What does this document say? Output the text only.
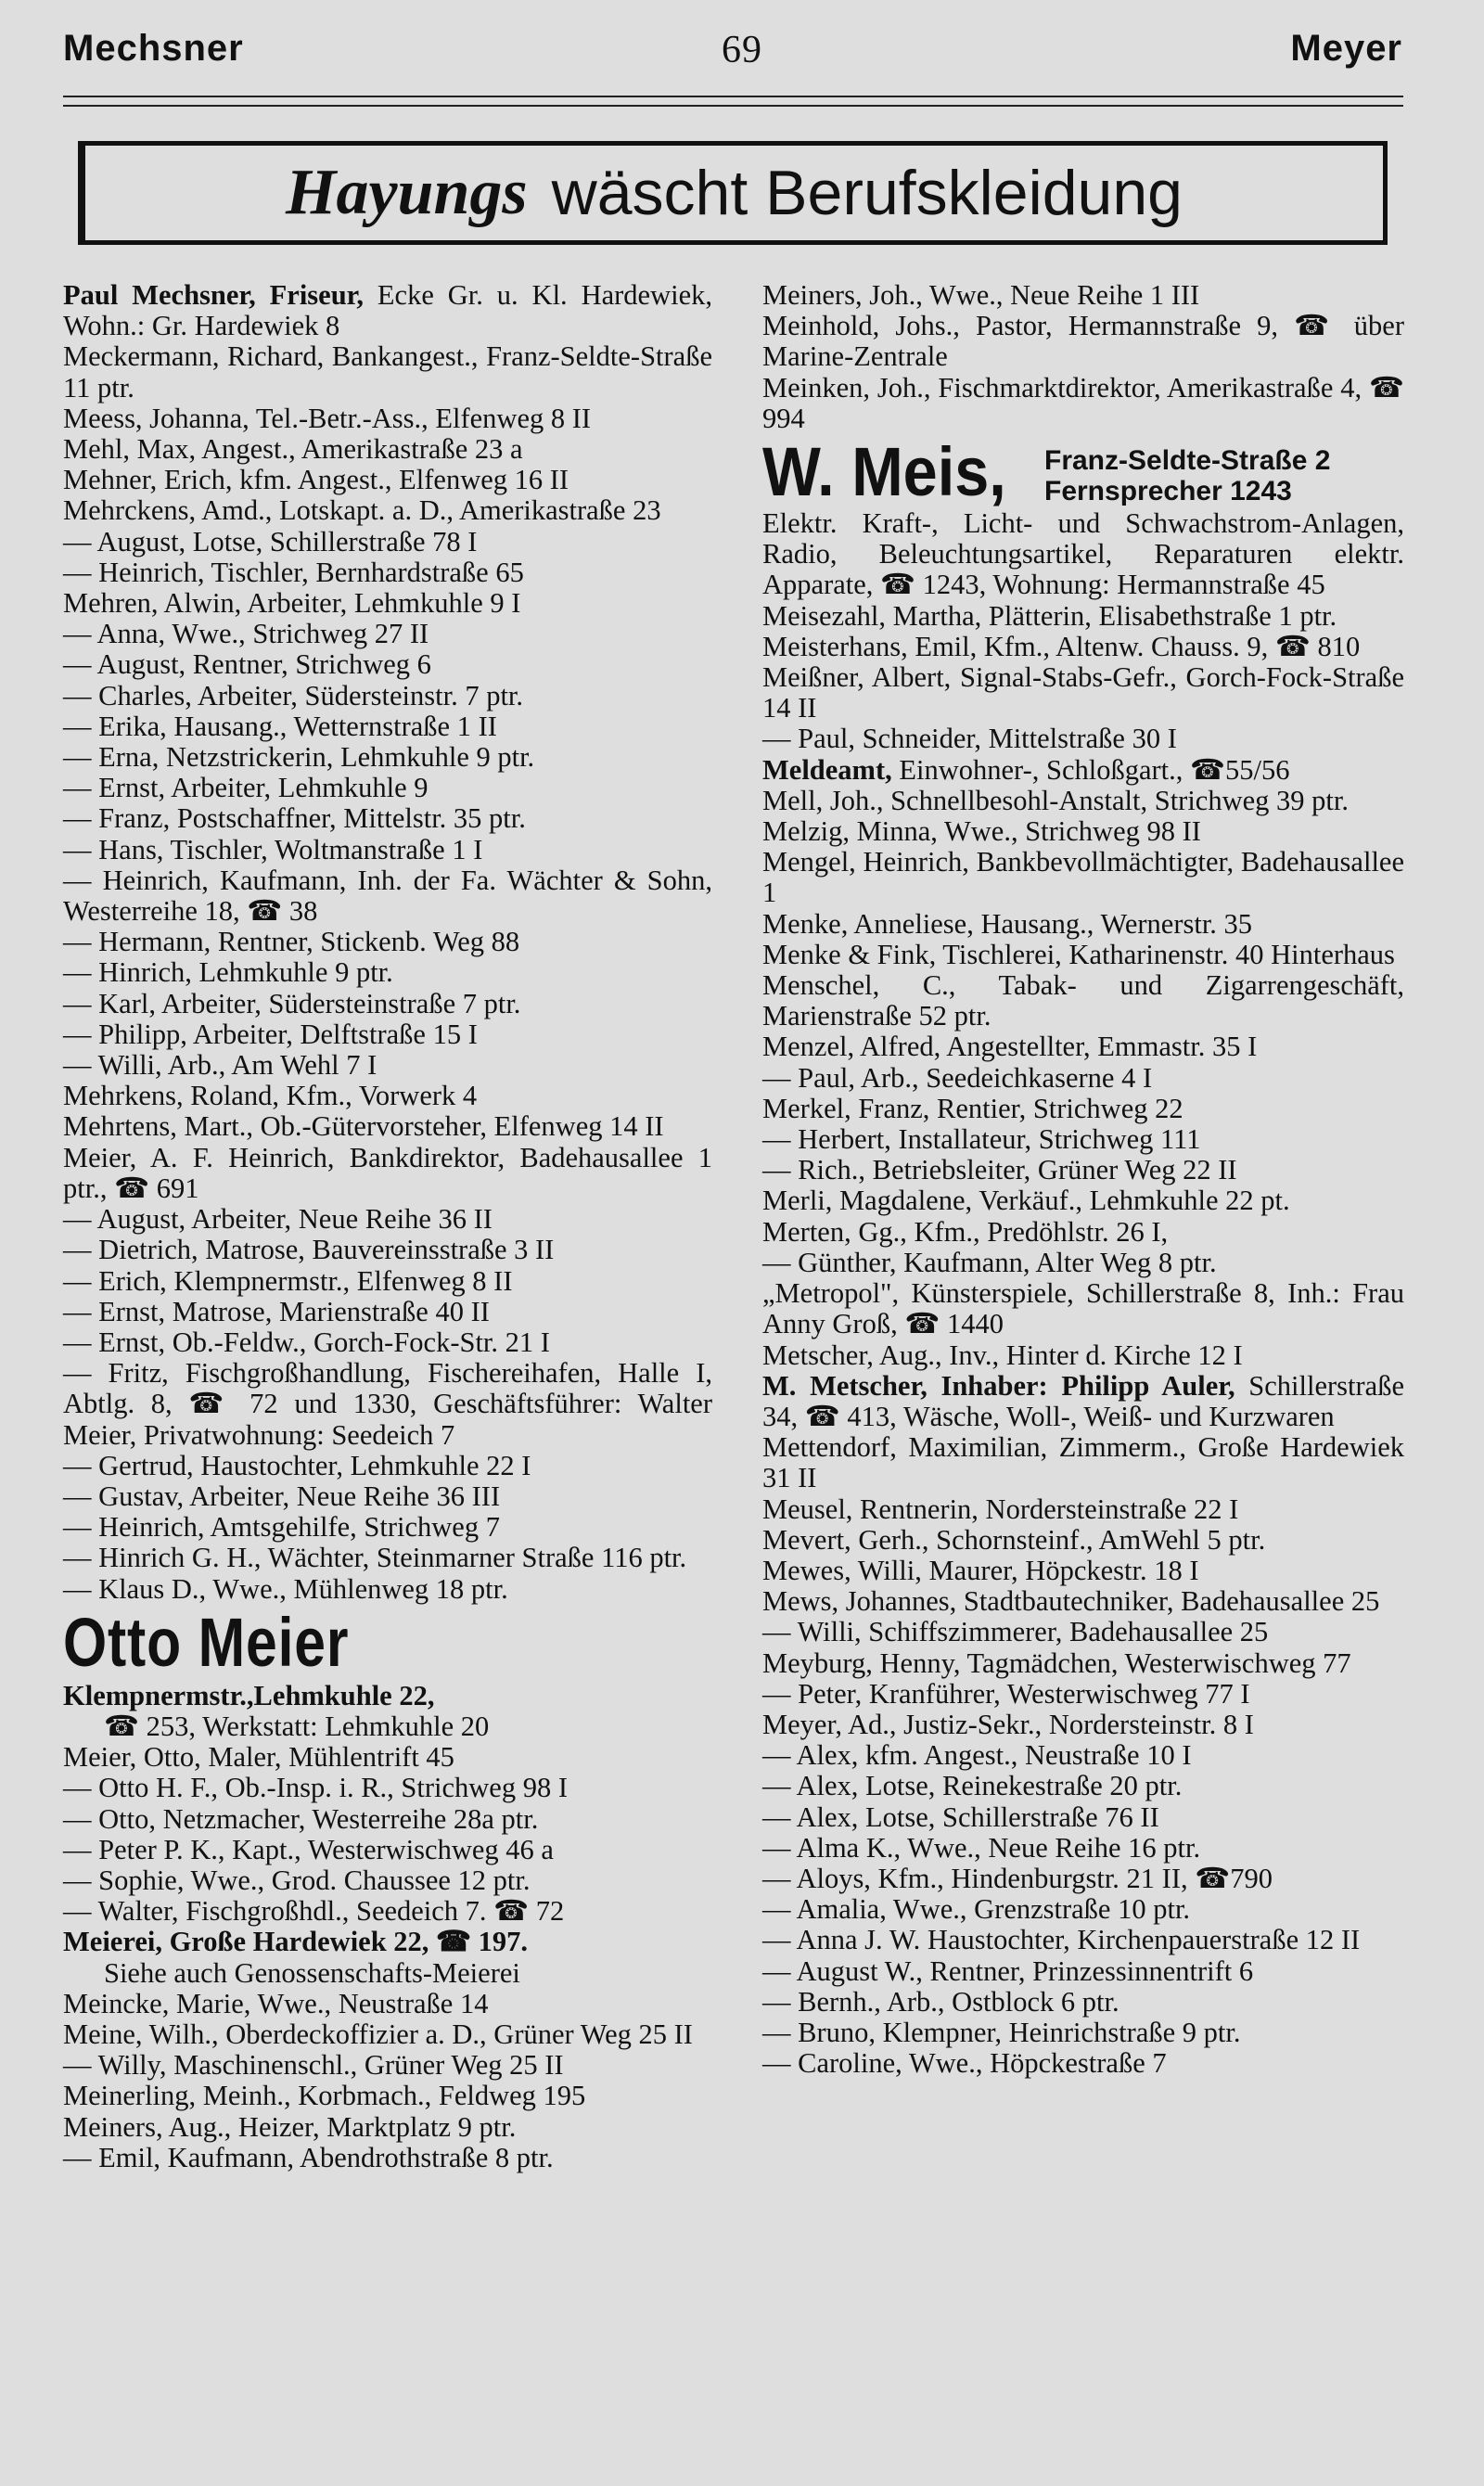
Mechsner	69	Meyer
Hayungs wäscht Berufskleidung
Paul Mechsner, Friseur, Ecke Gr. u. Kl. Hardewiek, Wohn.: Gr. Hardewiek 8
Meckermann, Richard, Bankangest., Franz-Seldte-Straße 11 ptr.
Meess, Johanna, Tel.-Betr.-Ass., Elfenweg 8 II
Mehl, Max, Angest., Amerikastraße 23 a
Mehner, Erich, kfm. Angest., Elfenweg 16 II
Mehrckens, Amd., Lotskapt. a. D., Amerikastraße 23
— August, Lotse, Schillerstraße 78 I
— Heinrich, Tischler, Bernhardstraße 65
Mehren, Alwin, Arbeiter, Lehmkuhle 9 I
— Anna, Wwe., Strichweg 27 II
— August, Rentner, Strichweg 6
— Charles, Arbeiter, Südersteinstr. 7 ptr.
— Erika, Hausang., Wetternstraße 1 II
— Erna, Netzstrickerin, Lehmkuhle 9 ptr.
— Ernst, Arbeiter, Lehmkuhle 9
— Franz, Postschaffner, Mittelstr. 35 ptr.
— Hans, Tischler, Woltmanstraße 1 I
— Heinrich, Kaufmann, Inh. der Fa. Wächter & Sohn, Westerreihe 18, ☎ 38
— Hermann, Rentner, Stickenb. Weg 88
— Hinrich, Lehmkuhle 9 ptr.
— Karl, Arbeiter, Südersteinstraße 7 ptr.
— Philipp, Arbeiter, Delftstraße 15 I
— Willi, Arb., Am Wehl 7 I
Mehrkens, Roland, Kfm., Vorwerk 4
Mehrtens, Mart., Ob.-Gütervorsteher, Elfenweg 14 II
Meier, A. F. Heinrich, Bankdirektor, Badehausallee 1 ptr., ☎ 691
— August, Arbeiter, Neue Reihe 36 II
— Dietrich, Matrose, Bauvereinsstraße 3 II
— Erich, Klempnermstr., Elfenweg 8 II
— Ernst, Matrose, Marienstraße 40 II
— Ernst, Ob.-Feldw., Gorch-Fock-Str. 21 I
— Fritz, Fischgroßhandlung, Fischereihafen, Halle I, Abtlg. 8, ☎ 72 und 1330, Geschäftsführer: Walter Meier, Privatwohnung: Seedeich 7
— Gertrud, Haustochter, Lehmkuhle 22 I
— Gustav, Arbeiter, Neue Reihe 36 III
— Heinrich, Amtsgehilfe, Strichweg 7
— Hinrich G. H., Wächter, Steinmarner Straße 116 ptr.
— Klaus D., Wwe., Mühlenweg 18 ptr.
Otto Meier
Klempnermstr.,Lehmkuhle 22,
☎ 253, Werkstatt: Lehmkuhle 20
Meier, Otto, Maler, Mühlentrift 45
— Otto H. F., Ob.-Insp. i. R., Strichweg 98 I
— Otto, Netzmacher, Westerreihe 28a ptr.
— Peter P. K., Kapt., Westerwischweg 46 a
— Sophie, Wwe., Grod. Chaussee 12 ptr.
— Walter, Fischgroßhdl., Seedeich 7. ☎ 72
Meierei, Große Hardewiek 22, ☎ 197.
Siehe auch Genossenschafts-Meierei
Meincke, Marie, Wwe., Neustraße 14
Meine, Wilh., Oberdeckoffizier a. D., Grüner Weg 25 II
— Willy, Maschinenschl., Grüner Weg 25 II
Meinerling, Meinh., Korbmach., Feldweg 195
Meiners, Aug., Heizer, Marktplatz 9 ptr.
— Emil, Kaufmann, Abendrothstraße 8 ptr.
Meiners, Joh., Wwe., Neue Reihe 1 III
Meinhold, Johs., Pastor, Hermannstraße 9, ☎ über Marine-Zentrale
Meinken, Joh., Fischmarktdirektor, Amerikastraße 4, ☎ 994
W. Meis, Franz-Seldte-Straße 2
Fernsprecher 1243
Elektr. Kraft-, Licht- und Schwachstrom-Anlagen, Radio, Beleuchtungsartikel, Reparaturen elektr. Apparate, ☎ 1243, Wohnung: Hermannstraße 45
Meisezahl, Martha, Plätterin, Elisabethstraße 1 ptr.
Meisterhans, Emil, Kfm., Altenw. Chauss. 9, ☎ 810
Meißner, Albert, Signal-Stabs-Gefr., Gorch-Fock-Straße 14 II
— Paul, Schneider, Mittelstraße 30 I
Meldeamt, Einwohner-, Schloßgart., ☎55/56
Mell, Joh., Schnellbesohl-Anstalt, Strichweg 39 ptr.
Melzig, Minna, Wwe., Strichweg 98 II
Mengel, Heinrich, Bankbevollmächtigter, Badehausallee 1
Menke, Anneliese, Hausang., Wernerstr. 35
Menke & Fink, Tischlerei, Katharinenstr. 40 Hinterhaus
Menschel, C., Tabak- und Zigarrengeschäft, Marienstraße 52 ptr.
Menzel, Alfred, Angestellter, Emmastr. 35 I
— Paul, Arb., Seedeichkaserne 4 I
Merkel, Franz, Rentier, Strichweg 22
— Herbert, Installateur, Strichweg 111
— Rich., Betriebsleiter, Grüner Weg 22 II
Merli, Magdalene, Verkäuf., Lehmkuhle 22 pt.
Merten, Gg., Kfm., Predöhlstr. 26 I,
— Günther, Kaufmann, Alter Weg 8 ptr.
„Metropol", Künsterspiele, Schillerstraße 8, Inh.: Frau Anny Groß, ☎ 1440
Metscher, Aug., Inv., Hinter d. Kirche 12 I
M. Metscher, Inhaber: Philipp Auler, Schillerstraße 34, ☎ 413, Wäsche, Woll-, Weiß- und Kurzwaren
Mettendorf, Maximilian, Zimmerm., Große Hardewiek 31 II
Meusel, Rentnerin, Nordersteinstraße 22 I
Mevert, Gerh., Schornsteinf., AmWehl 5 ptr.
Mewes, Willi, Maurer, Höpckestr. 18 I
Mews, Johannes, Stadtbautechniker, Badehausallee 25
— Willi, Schiffszimmerer, Badehausallee 25
Meyburg, Henny, Tagmädchen, Westerwischweg 77
— Peter, Kranführer, Westerwischweg 77 I
Meyer, Ad., Justiz-Sekr., Nordersteinstr. 8 I
— Alex, kfm. Angest., Neustraße 10 I
— Alex, Lotse, Reinekestraße 20 ptr.
— Alex, Lotse, Schillerstraße 76 II
— Alma K., Wwe., Neue Reihe 16 ptr.
— Aloys, Kfm., Hindenburgstr. 21 II, ☎790
— Amalia, Wwe., Grenzstraße 10 ptr.
— Anna J. W. Haustochter, Kirchenpauerstraße 12 II
— August W., Rentner, Prinzessinnentrift 6
— Bernh., Arb., Ostblock 6 ptr.
— Bruno, Klempner, Heinrichstraße 9 ptr.
— Caroline, Wwe., Höpckestraße 7
